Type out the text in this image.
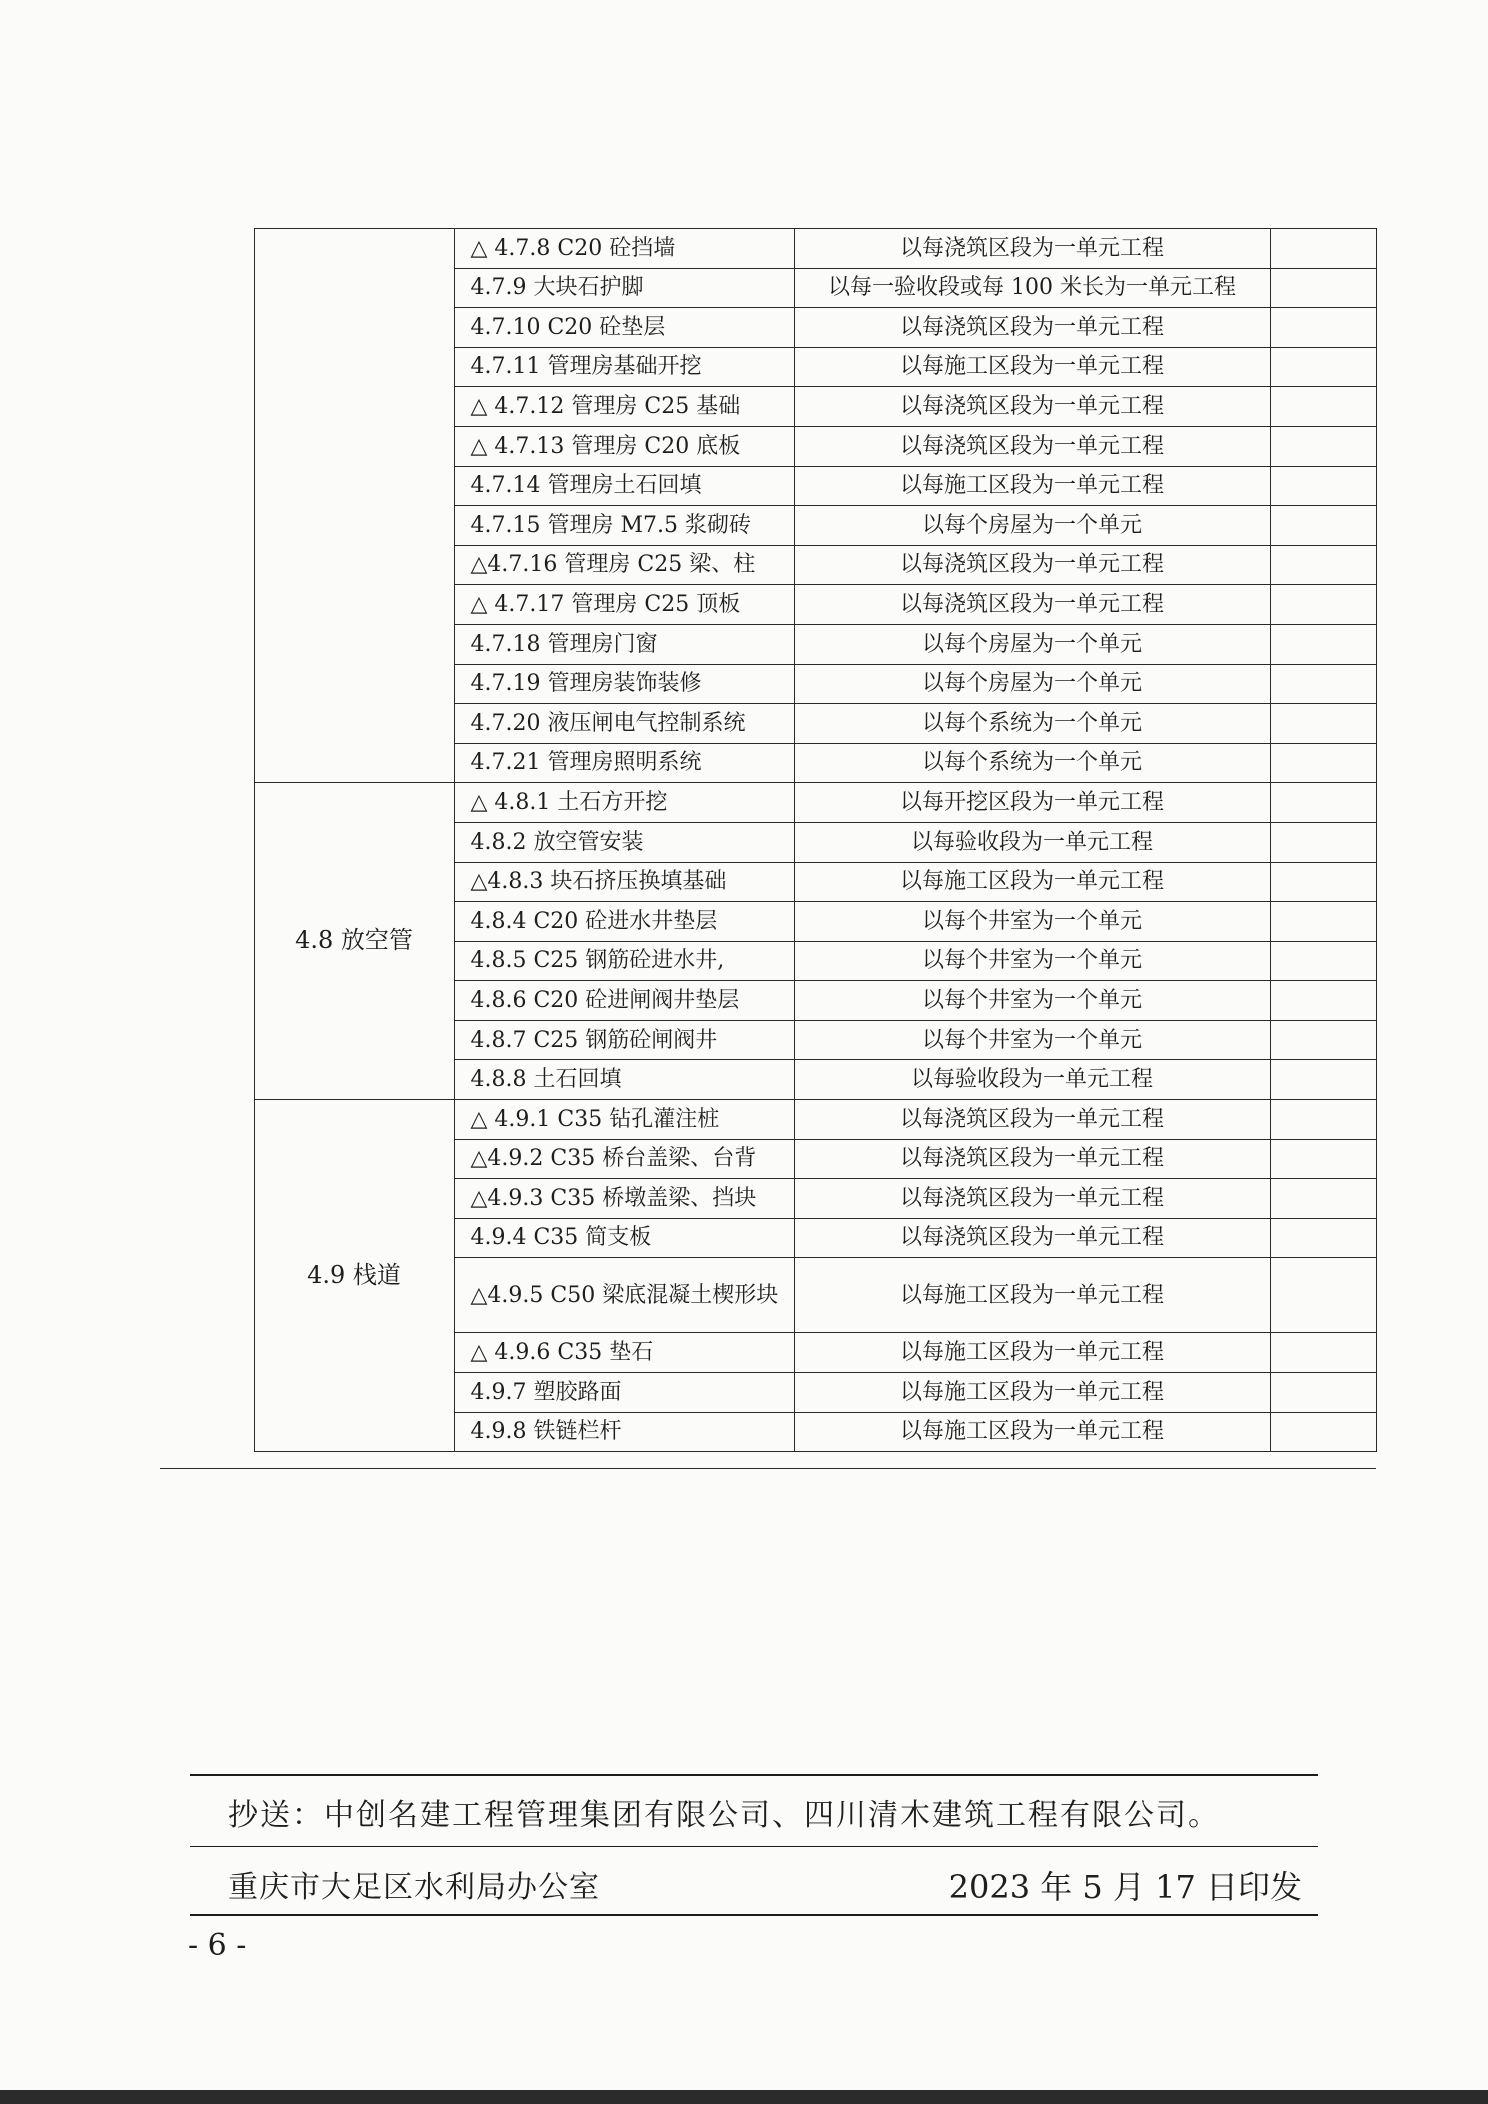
		△ 4.7.8 C20 砼挡墙	以每浇筑区段为一单元工程	
		4.7.9 大块石护脚	以每一验收段或每 100 米长为一单元工程	
		4.7.10 C20 砼垫层	以每浇筑区段为一单元工程	
		4.7.11 管理房基础开挖	以每施工区段为一单元工程	
		△ 4.7.12 管理房 C25 基础	以每浇筑区段为一单元工程	
		△ 4.7.13 管理房 C20 底板	以每浇筑区段为一单元工程	
		4.7.14 管理房土石回填	以每施工区段为一单元工程	
		4.7.15 管理房 M7.5 浆砌砖	以每个房屋为一个单元	
		△4.7.16 管理房 C25 梁、柱	以每浇筑区段为一单元工程	
		△ 4.7.17 管理房 C25 顶板	以每浇筑区段为一单元工程	
		4.7.18 管理房门窗	以每个房屋为一个单元	
		4.7.19 管理房装饰装修	以每个房屋为一个单元	
		4.7.20 液压闸电气控制系统	以每个系统为一个单元	
		4.7.21 管理房照明系统	以每个系统为一个单元	
	4.8 放空管	△ 4.8.1 土石方开挖	以每开挖区段为一单元工程	
		4.8.2 放空管安装	以每验收段为一单元工程	
		△4.8.3 块石挤压换填基础	以每施工区段为一单元工程	
		4.8.4 C20 砼进水井垫层	以每个井室为一个单元	
		4.8.5 C25 钢筋砼进水井,	以每个井室为一个单元	
		4.8.6 C20 砼进闸阀井垫层	以每个井室为一个单元	
		4.8.7 C25 钢筋砼闸阀井	以每个井室为一个单元	
		4.8.8 土石回填	以每验收段为一单元工程	
	4.9 栈道	△ 4.9.1 C35 钻孔灌注桩	以每浇筑区段为一单元工程	
		△4.9.2 C35 桥台盖梁、台背	以每浇筑区段为一单元工程	
		△4.9.3 C35 桥墩盖梁、挡块	以每浇筑区段为一单元工程	
		4.9.4 C35 简支板	以每浇筑区段为一单元工程	
		△4.9.5 C50 梁底混凝土楔形块	以每施工区段为一单元工程	
		△ 4.9.6 C35 垫石	以每施工区段为一单元工程	
		4.9.7 塑胶路面	以每施工区段为一单元工程	
		4.9.8 铁链栏杆	以每施工区段为一单元工程	
抄送：中创名建工程管理集团有限公司、四川清木建筑工程有限公司。
重庆市大足区水利局办公室	2023 年 5 月 17 日印发
- 6 -
